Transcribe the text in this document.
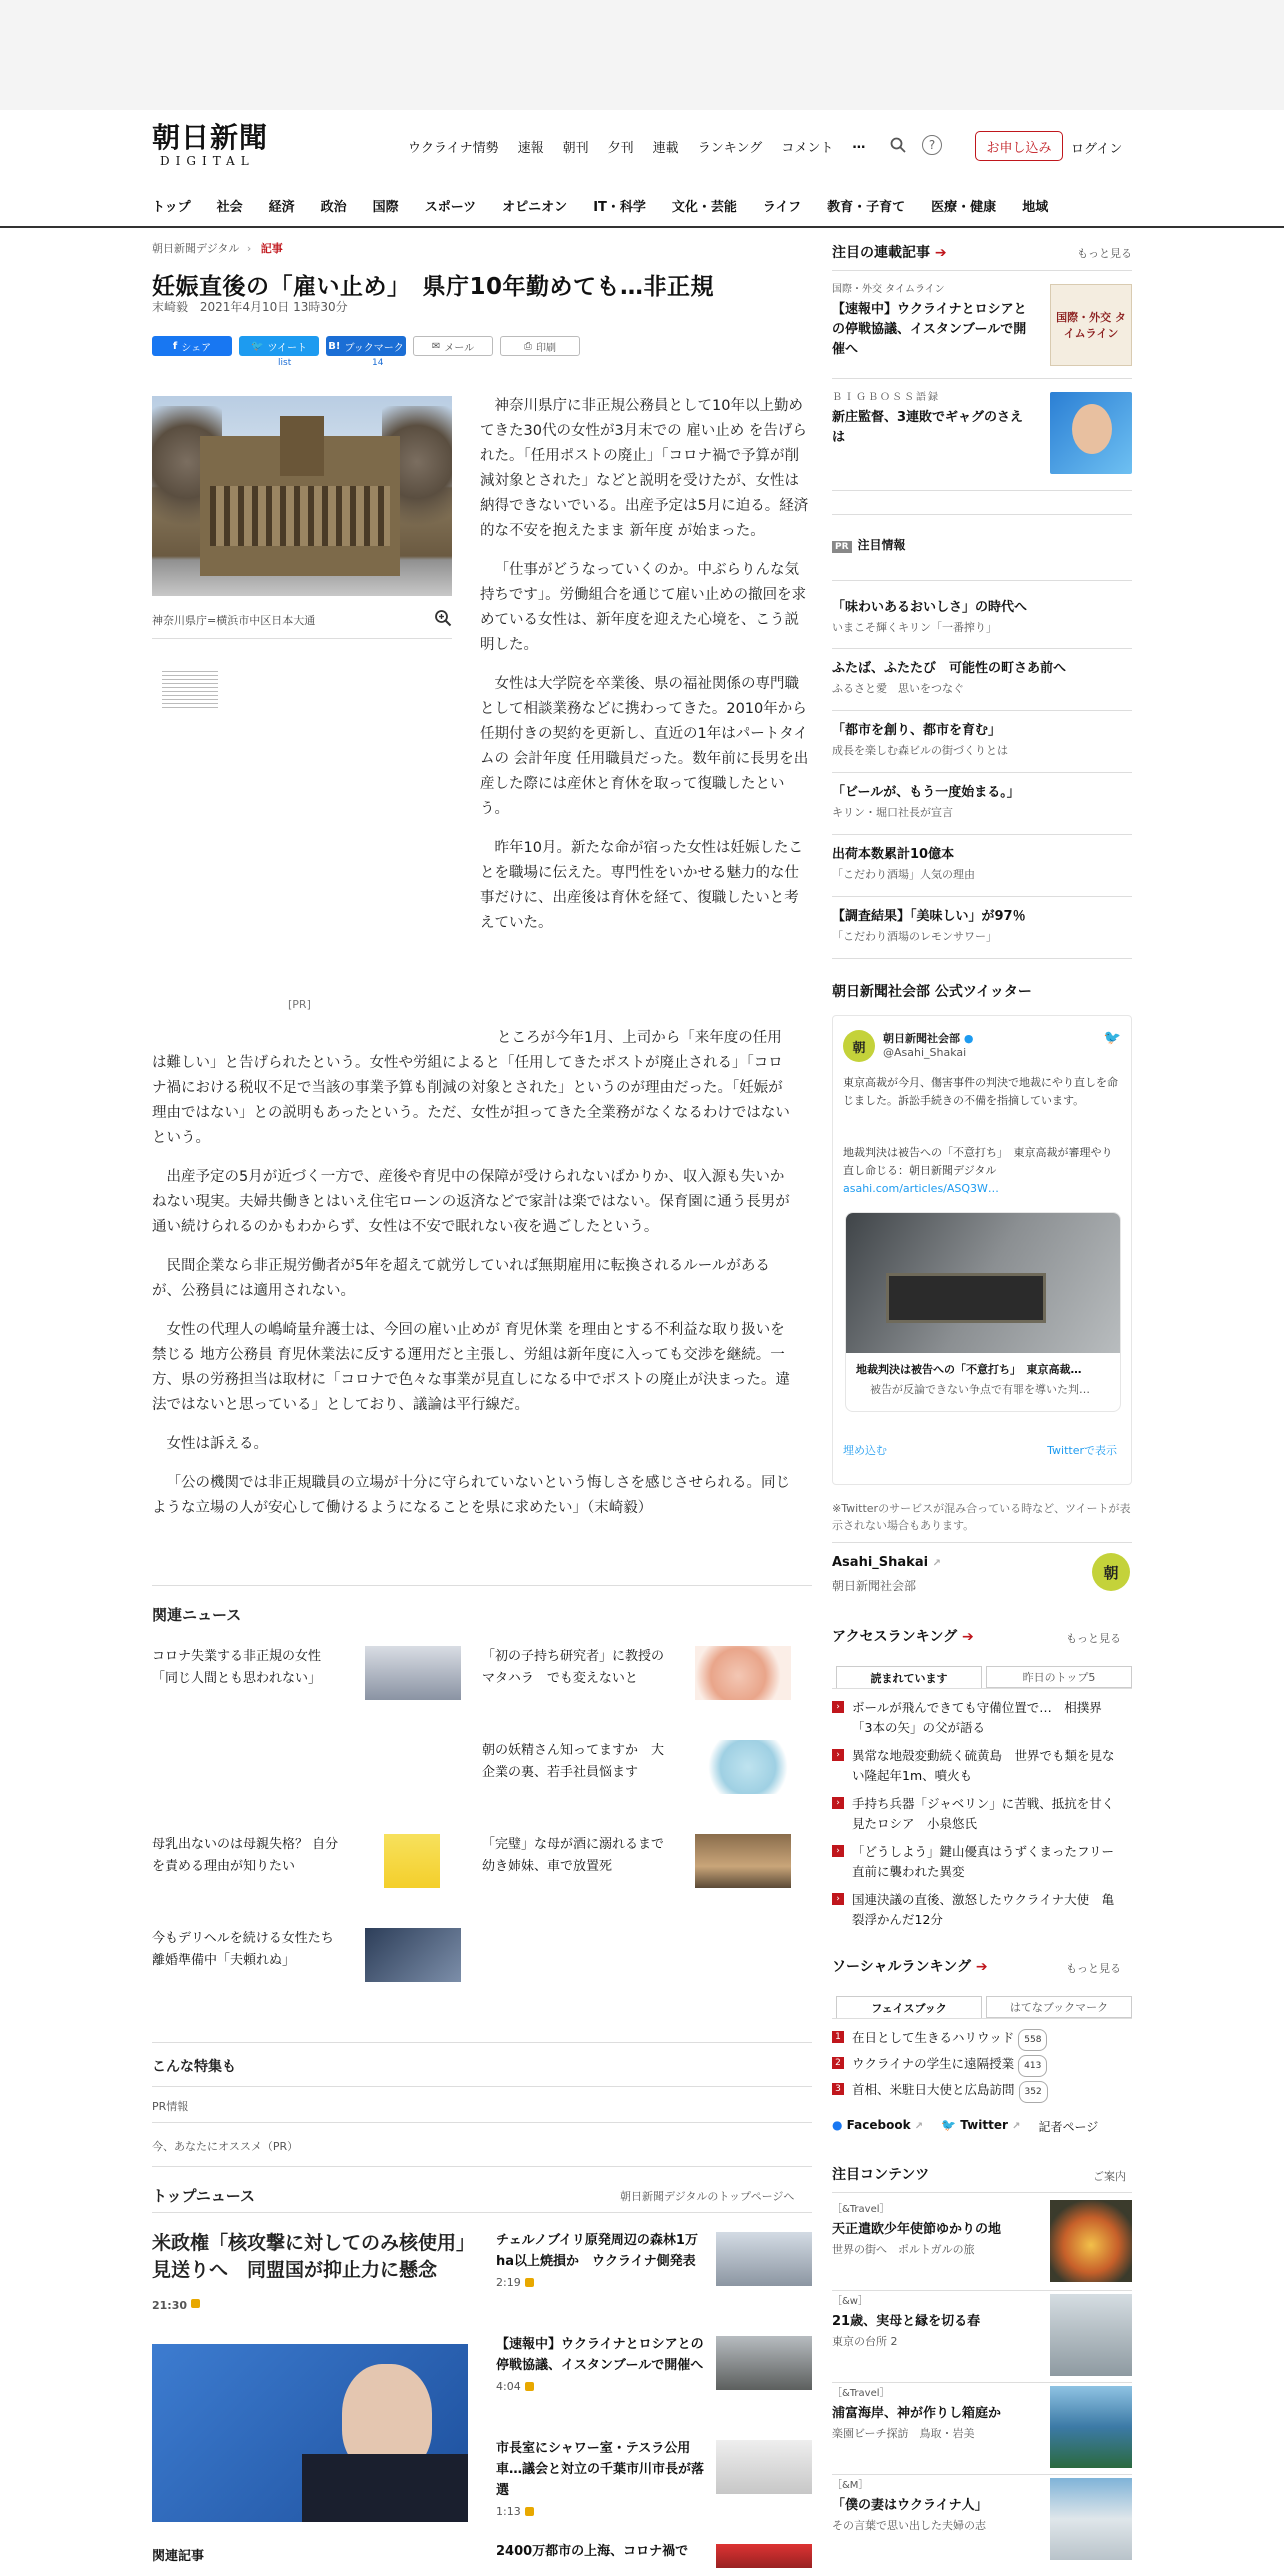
朝日新聞
DIGITAL
ウクライナ情勢 速報 朝刊 夕刊 連載 ランキング コメント …	?	お申し込み	ログイン
トップ 社会 経済 政治 国際 スポーツ オピニオン IT・科学 文化・芸能 ライフ 教育・子育て 医療・健康 地域
朝日新聞デジタル › 記事
妊娠直後の「雇い止め」　県庁10年勤めても…非正規
末崎毅 2021年4月10日 13時30分
f シェア	🐦 ツイート B! ブックマーク	✉ メール	⎙ 印刷
list	14
神奈川県庁=横浜市中区日本大通
[PR]

神奈川県庁に非正規公務員として10年以上勤めてきた30代の女性が3月末での 雇い止め を告げられた。「任用ポストの廃止」「コロナ禍で予算が削減対象とされた」などと説明を受けたが、女性は納得できないでいる。出産予定は5月に迫る。経済的な不安を抱えたまま 新年度 が始まった。

「仕事がどうなっていくのか。中ぶらりんな気持ちです」。労働組合を通じて雇い止めの撤回を求めている女性は、新年度を迎えた心境を、こう説明した。

女性は大学院を卒業後、県の福祉関係の専門職として相談業務などに携わってきた。2010年から任期付きの契約を更新し、直近の1年はパートタイムの 会計年度 任用職員だった。数年前に長男を出産した際には産休と育休を取って復職したという。

昨年10月。新たな命が宿った女性は妊娠したことを職場に伝えた。専門性をいかせる魅力的な仕事だけに、出産後は育休を経て、復職したいと考えていた。

ところが今年1月、上司から「来年度の任用は難しい」と告げられたという。女性や労組によると「任用してきたポストが廃止される」「コロナ禍における税収不足で当該の事業予算も削減の対象とされた」というのが理由だった。「妊娠が理由ではない」との説明もあったという。ただ、女性が担ってきた全業務がなくなるわけではないという。

出産予定の5月が近づく一方で、産後や育児中の保障が受けられないばかりか、収入源も失いかねない現実。夫婦共働きとはいえ住宅ローンの返済などで家計は楽ではない。保育園に通う長男が通い続けられるのかもわからず、女性は不安で眠れない夜を過ごしたという。

民間企業なら非正規労働者が5年を超えて就労していれば無期雇用に転換されるルールがあるが、公務員には適用されない。

女性の代理人の嶋崎量弁護士は、今回の雇い止めが 育児休業 を理由とする不利益な取り扱いを禁じる 地方公務員 育児休業法に反する運用だと主張し、労組は新年度に入っても交渉を継続。一方、県の労務担当は取材に「コロナで色々な事業が見直しになる中でポストの廃止が決まった。違法ではないと思っている」としており、議論は平行線だ。

女性は訴える。

「公の機関では非正規職員の立場が十分に守られていないという悔しさを感じさせられる。同じような立場の人が安心して働けるようになることを県に求めたい」（末崎毅）

関連ニュース
コロナ失業する非正規の女性「同じ人間とも思われない」
「初の子持ち研究者」に教授のマタハラ　でも変えないと
朝の妖精さん知ってますか　大企業の裏、若手社員悩ます
母乳出ないのは母親失格？ 自分を責める理由が知りたい
「完璧」な母が酒に溺れるまで　幼き姉妹、車で放置死
今もデリヘルを続ける女性たち　離婚準備中「夫頼れぬ」
こんな特集も
PR情報
今、あなたにオススメ（PR）
トップニュース	朝日新聞デジタルのトップページへ
米政権「核攻撃に対してのみ核使用」見送りへ　同盟国が抑止力に懸念
21:30
関連記事
チェルノブイリ原発周辺の森林1万ha以上焼損か　ウクライナ側発表
2:19
【速報中】ウクライナとロシアとの停戦協議、イスタンブールで開催へ
4:04
市長室にシャワー室・テスラ公用車…議会と対立の千葉市川市長が落選
1:13
2400万都市の上海、コロナ禍で
注目の連載記事 ➔	もっと見る
国際・外交 タイムライン
【速報中】ウクライナとロシアとの停戦協議、イスタンブールで開催へ
国際・外交 タイムライン
ＢＩＧＢＯＳＳ語録
新庄監督、3連敗でギャグのさえは
PR 注目情報
「味わいあるおいしさ」の時代へ
いまこそ輝くキリン「一番搾り」
ふたば、ふたたび　可能性の町さあ前へ
ふるさと愛　思いをつなぐ
「都市を創り、都市を育む」
成長を楽しむ森ビルの街づくりとは
「ビールが、もう一度始まる。」
キリン・堀口社長が宣言
出荷本数累計10億本
「こだわり酒場」人気の理由
【調査結果】「美味しい」が97％
「こだわり酒場のレモンサワー」
朝日新聞社会部 公式ツイッター
朝
朝日新聞社会部 ●
@Asahi_Shakai
🐦
東京高裁が今月、傷害事件の判決で地裁にやり直しを命じました。訴訟手続きの不備を指摘しています。
地裁判決は被告への「不意打ち」　東京高裁が審理やり直し命じる：朝日新聞デジタル
asahi.com/articles/ASQ3W…
地裁判決は被告への「不意打ち」　東京高裁…
被告が反論できない争点で有罪を導いた判…
埋め込む	Twitterで表示
※Twitterのサービスが混み合っている時など、ツイートが表示されない場合もあります。
Asahi_Shakai ↗
朝日新聞社会部
朝
アクセスランキング ➔	もっと見る
読まれています	昨日のトップ5
› ボールが飛んできても守備位置で…　相撲界「3本の矢」の父が語る
› 異常な地殻変動続く硫黄島　世界でも類を見ない隆起年1m、噴火も
› 手持ち兵器「ジャベリン」に苦戦、抵抗を甘く見たロシア　小泉悠氏
› 「どうしよう」鍵山優真はうずくまったフリー直前に襲われた異変
› 国連決議の直後、激怒したウクライナ大使　亀裂浮かんだ12分
ソーシャルランキング ➔	もっと見る
フェイスブック	はてなブックマーク
1 在日として生きるハリウッド 558
2 ウクライナの学生に遠隔授業 413
3 首相、米駐日大使と広島訪問 352
● Facebook ↗ 🐦 Twitter ↗ 記者ページ
注目コンテンツ	ご案内
［&Travel］
天正遣欧少年使節ゆかりの地
世界の街へ　ポルトガルの旅
［&w］
21歳、実母と縁を切る春
東京の台所 2
［&Travel］
浦富海岸、神が作りし箱庭か
楽園ビーチ探訪　鳥取・岩美
［&M］
「僕の妻はウクライナ人」
その言葉で思い出した夫婦の志
